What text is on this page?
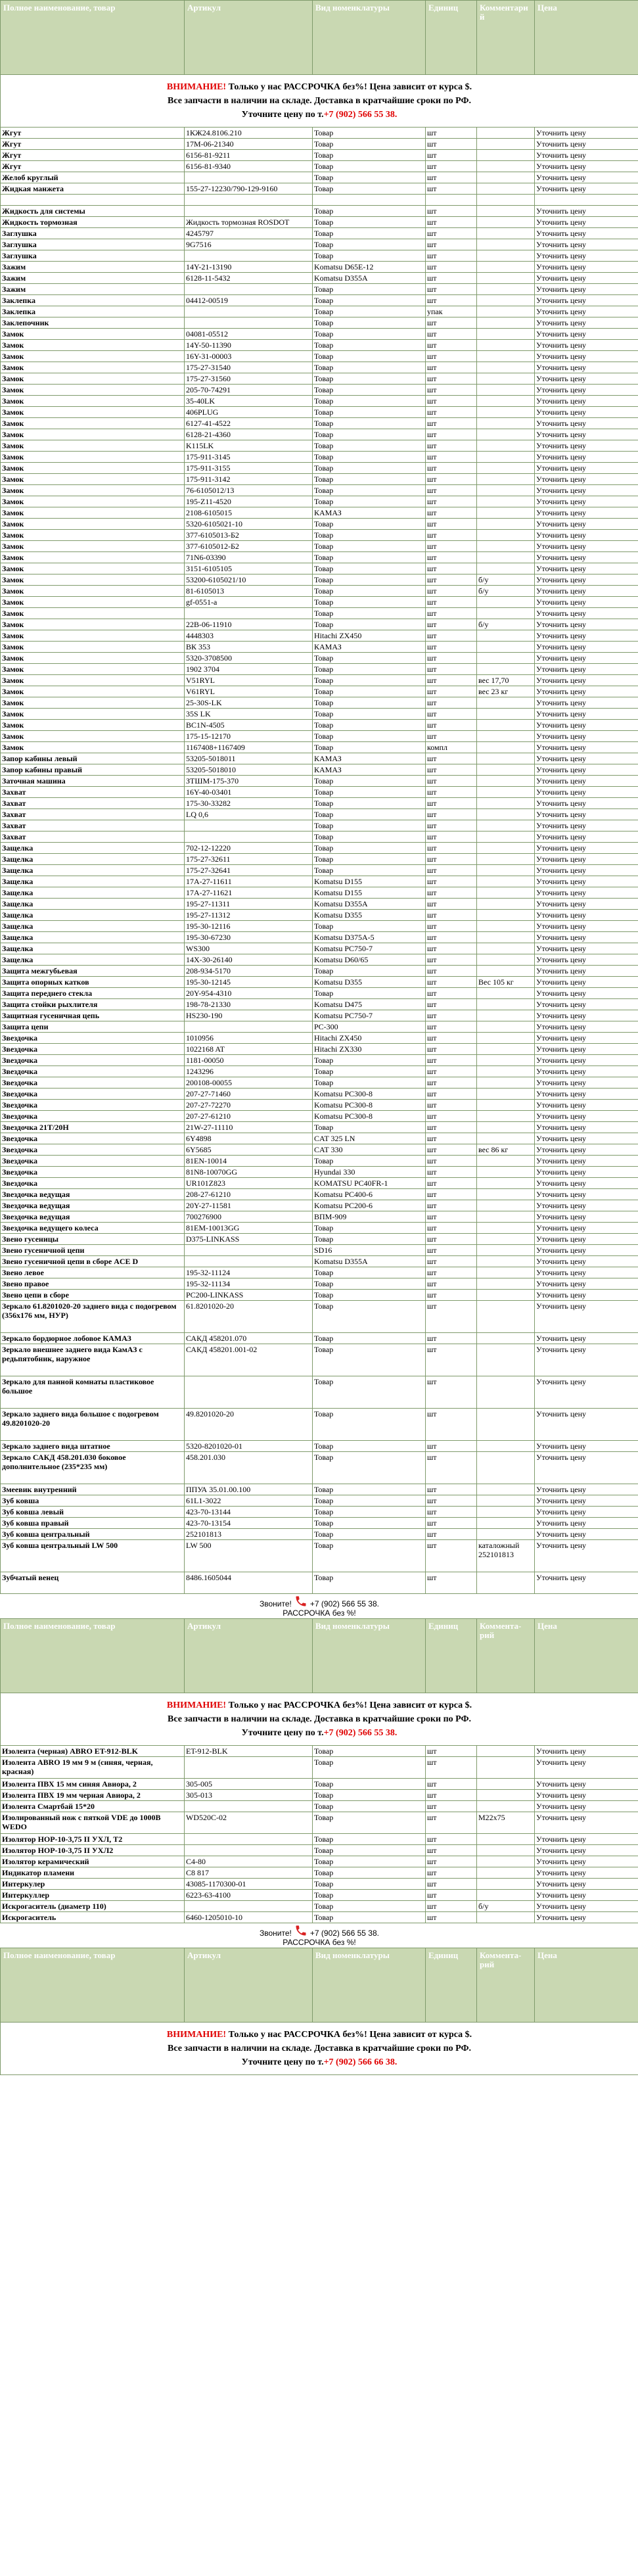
Полное наименование, товар	Артикул	Вид номенклатуры	Единиц	Комментарий	Цена

ВНИМАНИЕ! Только у нас РАССРОЧКА без%! Цена зависит от курса $.
Все запчасти в наличии на складе. Доставка в кратчайшие сроки по РФ.
Уточните цену по т.+7 (902) 566 55 38.					

Жгут	1КЖ24.8106.210	Товар	шт		Уточнить цену
Жгут	17М-06-21340	Товар	шт		Уточнить цену
Жгут	6156-81-9211	Товар	шт		Уточнить цену
Жгут	6156-81-9340	Товар	шт		Уточнить цену
Желоб круглый		Товар	шт		Уточнить цену
Жидкая манжета	155-27-12230/790-129-9160	Товар	шт		Уточнить цену

Жидкость для системы		Товар	шт		Уточнить цену
Жидкость тормозная	Жидкость тормозная ROSDOT	Товар	шт		Уточнить цену
Заглушка	4245797	Товар	шт		Уточнить цену
Заглушка	9G7516	Товар	шт		Уточнить цену
Заглушка		Товар	шт		Уточнить цену
Зажим	14Y-21-13190	Komatsu D65E-12	шт		Уточнить цену
Зажим	6128-11-5432	Komatsu D355A	шт		Уточнить цену
Зажим		Товар	шт		Уточнить цену
Заклепка	04412-00519	Товар	шт		Уточнить цену
Заклепка		Товар	упак		Уточнить цену
Заклепочник		Товар	шт		Уточнить цену
Замок	04081-05512	Товар	шт		Уточнить цену
Замок	14Y-50-11390	Товар	шт		Уточнить цену
Замок	16Y-31-00003	Товар	шт		Уточнить цену
Замок	175-27-31540	Товар	шт		Уточнить цену
Замок	175-27-31560	Товар	шт		Уточнить цену
Замок	205-70-74291	Товар	шт		Уточнить цену
Замок	35-40LK	Товар	шт		Уточнить цену
Замок	406PLUG	Товар	шт		Уточнить цену
Замок	6127-41-4522	Товар	шт		Уточнить цену
Замок	6128-21-4360	Товар	шт		Уточнить цену
Замок	K115LK	Товар	шт		Уточнить цену
Замок	175-911-3145	Товар	шт		Уточнить цену
Замок	175-911-3155	Товар	шт		Уточнить цену
Замок	175-911-3142	Товар	шт		Уточнить цену
Замок	76-6105012/13	Товар	шт		Уточнить цену
Замок	195-Z11-4520	Товар	шт		Уточнить цену
Замок	2108-6105015	КАМАЗ	шт		Уточнить цену
Замок	5320-6105021-10	Товар	шт		Уточнить цену
Замок	377-6105013-Б2	Товар	шт		Уточнить цену
Замок	377-6105012-Б2	Товар	шт		Уточнить цену
Замок	71N6-03390	Товар	шт		Уточнить цену
Замок	3151-6105105	Товар	шт		Уточнить цену
Замок	53200-6105021/10	Товар	шт	б/у	Уточнить цену
Замок	81-6105013	Товар	шт	б/у	Уточнить цену
Замок	gf-0551-a	Товар	шт		Уточнить цену
Замок		Товар	шт		Уточнить цену
Замок	22В-06-11910	Товар	шт	б/у	Уточнить цену
Замок	4448303	Hitachi ZX450	шт		Уточнить цену
Замок	ВК 353	КАМАЗ	шт		Уточнить цену
Замок	5320-3708500	Товар	шт		Уточнить цену
Замок	1902 3704	Товар	шт		Уточнить цену
Замок	V51RYL	Товар	шт	вес 17,70	Уточнить цену
Замок	V61RYL	Товар	шт	вес 23 кг	Уточнить цену
Замок	25-30S-LK	Товар	шт		Уточнить цену
Замок	35S LK	Товар	шт		Уточнить цену
Замок	BC1N-4505	Товар	шт		Уточнить цену
Замок	175-15-12170	Товар	шт		Уточнить цену
Замок	1167408+1167409	Товар	компл		Уточнить цену
Запор кабины левый	53205-5018011	КАМАЗ	шт		Уточнить цену
Запор кабины правый	53205-5018010	КАМАЗ	шт		Уточнить цену
Заточная машина	ЗТШМ-175-370	Товар	шт		Уточнить цену
Захват	16Y-40-03401	Товар	шт		Уточнить цену
Захват	175-30-33282	Товар	шт		Уточнить цену
Захват	LQ 0,6	Товар	шт		Уточнить цену
Захват		Товар	шт		Уточнить цену
Захват		Товар	шт		Уточнить цену
Защелка	702-12-12220	Товар	шт		Уточнить цену
Защелка	175-27-32611	Товар	шт		Уточнить цену
Защелка	175-27-32641	Товар	шт		Уточнить цену
Защелка	17A-27-11611	Komatsu D155	шт		Уточнить цену
Защелка	17A-27-11621	Komatsu D155	шт		Уточнить цену
Защелка	195-27-11311	Komatsu D355A	шт		Уточнить цену
Защелка	195-27-11312	Komatsu D355	шт		Уточнить цену
Защелка	195-30-12116	Товар	шт		Уточнить цену
Защелка	195-30-67230	Komatsu D375A-5	шт		Уточнить цену
Защелка	WS300	Komatsu PC750-7	шт		Уточнить цену
Защелка	14X-30-26140	Komatsu D60/65	шт		Уточнить цену
Защита межгубьевая	208-934-5170	Товар	шт		Уточнить цену
Защита опорных катков	195-30-12145	Komatsu D355	шт	Вес 105 кг	Уточнить цену
Защита переднего стекла	20Y-954-4310	Товар	шт		Уточнить цену
Защита стойки рыхлителя	198-78-21330	Komatsu D475	шт		Уточнить цену
Защитная гусеничная цепь	HS230-190	Komatsu PC750-7	шт		Уточнить цену
Защита цепи		PC-300	шт		Уточнить цену
Звездочка	1010956	Hitachi ZX450	шт		Уточнить цену
Звездочка	1022168 AT	Hitachi ZX330	шт		Уточнить цену
Звездочка	1181-00050	Товар	шт		Уточнить цену
Звездочка	1243296	Товар	шт		Уточнить цену
Звездочка	200108-00055	Товар	шт		Уточнить цену
Звездочка	207-27-71460	Komatsu PC300-8	шт		Уточнить цену
Звездочка	207-27-72270	Komatsu PC300-8	шт		Уточнить цену
Звездочка	207-27-61210	Komatsu PC300-8	шт		Уточнить цену
Звездочка 21T/20H	21W-27-11110	Товар	шт		Уточнить цену
Звездочка	6Y4898	CAT 325 LN	шт		Уточнить цену
Звездочка	6Y5685	CAT 330	шт	вес 86 кг	Уточнить цену
Звездочка	81EN-10014	Товар	шт		Уточнить цену
Звездочка	81N8-10070GG	Hyundai 330	шт		Уточнить цену
Звездочка	UR101Z823	KOMATSU PC40FR-1	шт		Уточнить цену
Звездочка ведущая	208-27-61210	Komatsu PC400-6	шт		Уточнить цену
Звездочка ведущая	20Y-27-11581	Komatsu PC200-6	шт		Уточнить цену
Звездочка ведущая	700276900	ВПМ-909	шт		Уточнить цену
Звездочка ведущего колеса	81EM-10013GG	Товар	шт		Уточнить цену
Звено гусеницы	D375-LINKASS	Товар	шт		Уточнить цену
Звено гусеничной цепи		SD16	шт		Уточнить цену
Звено гусеничной цепи в сборе ACE D		Komatsu D355A	шт		Уточнить цену
Звено левое	195-32-11124	Товар	шт		Уточнить цену
Звено правое	195-32-11134	Товар	шт		Уточнить цену
Звено цепи в сборе	PC200-LINKASS	Товар	шт		Уточнить цену
Зеркало 61.8201020-20 заднего вида с подогревом (356x176 мм, НУР)	61.8201020-20	Товар	шт		Уточнить цену
Зеркало бордюрное лобовое КАМАЗ	САКД 458201.070	Товар	шт		Уточнить цену
Зеркало внешнее заднего вида КамАЗ с редьпятобник, наружное	САКД 458201.001-02	Товар	шт		Уточнить цену
Зеркало для панной комнаты пластиковое большое		Товар	шт		Уточнить цену
Зеркало заднего вида большое с подогревом 49.8201020-20	49.8201020-20	Товар	шт		Уточнить цену
Зеркало заднего вида штатное	5320-8201020-01	Товар	шт		Уточнить цену
Зеркало САКД 458.201.030 боковое дополнительное (235*235 мм)	458.201.030	Товар	шт		Уточнить цену
Змеевик внутренний	ППУА 35.01.00.100	Товар	шт		Уточнить цену
Зуб ковша	61L1-3022	Товар	шт		Уточнить цену
Зуб ковша левый	423-70-13144	Товар	шт		Уточнить цену
Зуб ковша правый	423-70-13154	Товар	шт		Уточнить цену
Зуб ковша центральный	252101813	Товар	шт		Уточнить цену
Зуб ковша центральный LW 500	LW 500	Товар	шт	каталожный 252101813	Уточнить цену
Зубчатый венец	8486.1605044	Товар	шт		Уточнить цену

Звоните! +7 (902) 566 55 38.
РАССРОЧКА без %!					

Полное наименование, товар	Артикул	Вид номенклатуры	Единиц	Коммента-рий	Цена

ВНИМАНИЕ! Только у нас РАССРОЧКА без%! Цена зависит от курса $.
Все запчасти в наличии на складе. Доставка в кратчайшие сроки по РФ.
Уточните цену по т.+7 (902) 566 55 38.					

Изолента (черная) ABRO ET-912-BLK	ET-912-BLK	Товар	шт		Уточнить цену
Изолента ABRO 19 мм 9 м (синяя, черная, красная)		Товар	шт		Уточнить цену
Изолента ПВХ 15 мм синяя Авиора, 2	305-005	Товар	шт		Уточнить цену
Изолента ПВХ 19 мм черная Авиора, 2	305-013	Товар	шт		Уточнить цену
Изолента Смартбай 15*20		Товар	шт		Уточнить цену
Изолированный нож с пяткой VDE до 1000В WEDO	WD520C-02	Товар	шт	M22x75	Уточнить цену
Изолятор НОР-10-3,75 II УХЛ, Т2		Товар	шт		Уточнить цену
Изолятор НОР-10-3,75 II УХЛ2		Товар	шт		Уточнить цену
Изолятор керамический	C4-80	Товар	шт		Уточнить цену
Индикатор пламени	C8 817	Товар	шт		Уточнить цену
Интеркулер	43085-1170300-01	Товар	шт		Уточнить цену
Интеркуллер	6223-63-4100	Товар	шт		Уточнить цену
Искрогаситель (диаметр 110)		Товар	шт	б/у	Уточнить цену
Искрогаситель	6460-1205010-10	Товар	шт		Уточнить цену

Звоните! +7 (902) 566 55 38.
РАССРОЧКА без %!					

Полное наименование, товар	Артикул	Вид номенклатуры	Единиц	Коммента-рий	Цена

ВНИМАНИЕ! Только у нас РАССРОЧКА без%! Цена зависит от курса $.
Все запчасти в наличии на складе. Доставка в кратчайшие сроки по РФ.
Уточните цену по т.+7 (902) 566 66 38.					
